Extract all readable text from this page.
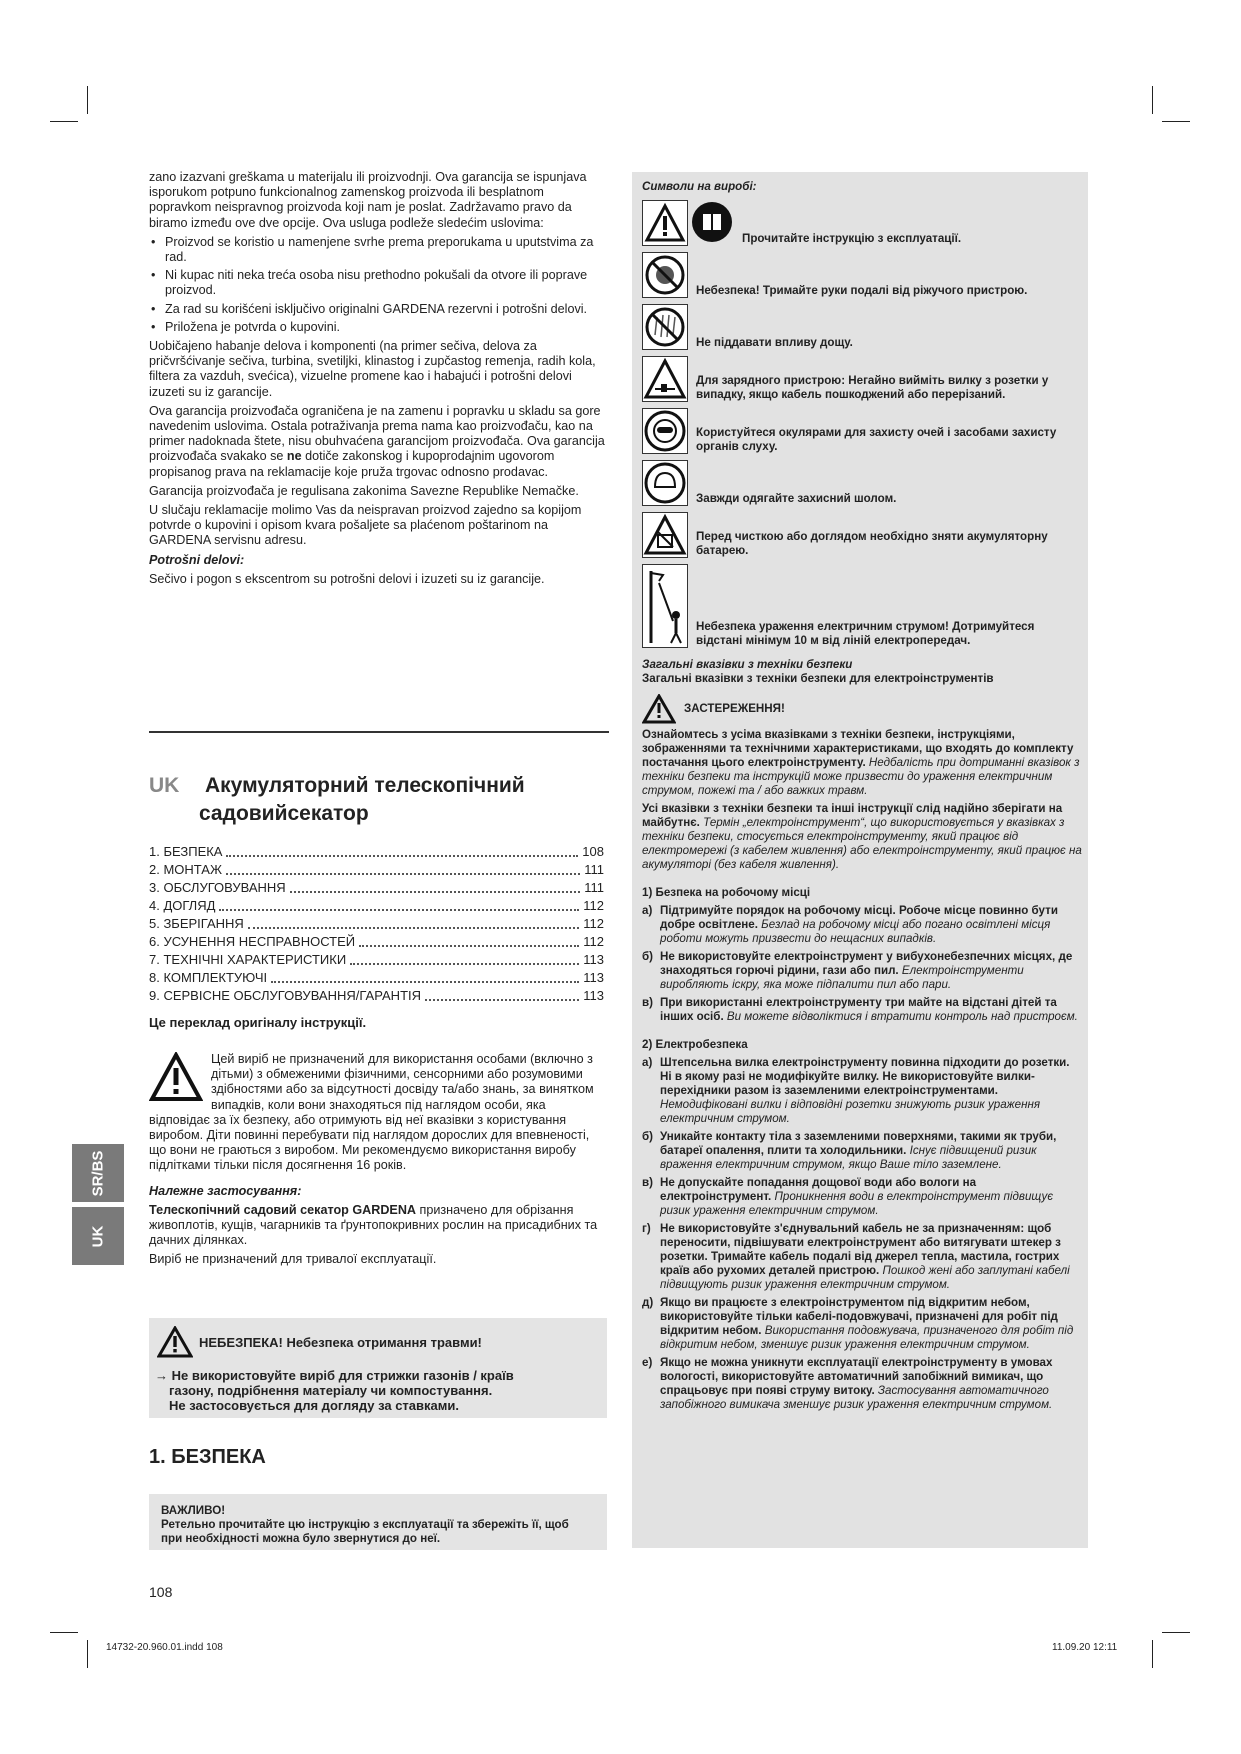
zano izazvani greškama u materijalu ili proizvodnji. Ova garancija se ispunjava isporukom potpuno funkcionalnog zamenskog proizvoda ili besplatnom popravkom neispravnog proizvoda koji nam je poslat. Zadržavamo pravo da biramo između ove dve opcije. Ova usluga podleže sledećim uslovima:

• Proizvod se koristio u namenjene svrhe prema preporukama u uputstvima za rad.
• Ni kupac niti neka treća osoba nisu prethodno pokušali da otvore ili poprave proizvod.
• Za rad su korišćeni isključivo originalni GARDENA rezervni i potrošni delovi.
• Priložena je potvrda o kupovini.

Uobičajeno habanje delova i komponenti (na primer sečiva, delova za pričvršćivanje sečiva, turbina, svetiljki, klinastog i zupčastog remenja, radih kola, filtera za vazduh, svećica), vizuelne promene kao i habajući i potrošni delovi izuzeti su iz garancije.

Ova garancija proizvođača ograničena je na zamenu i popravku u skladu sa gore navedenim uslovima. Ostala potraživanja prema nama kao proizvođaču, kao na primer nadoknada štete, nisu obuhvaćena garancijom proizvođača. Ova garancija proizvođača svakako se ne dotiče zakonskog i kupoprodajnim ugovorom propisanog prava na reklamacije koje pruža trgovac odnosno prodavac.

Garancija proizvođača je regulisana zakonima Savezne Republike Nemačke.

U slučaju reklamacije molimo Vas da neispravan proizvod zajedno sa kopijom potvrde o kupovini i opisom kvara pošaljete sa plaćenom poštarinom na GARDENA servisnu adresu.

Potrošni delovi:

Sečivo i pogon s ekscentrom su potrošni delovi i izuzeti su iz garancije.

UK Акумуляторний телескопічний
садовийсекатор
1. БЕЗПЕКА	108
2. МОНТАЖ	111
3. ОБСЛУГОВУВАННЯ	111
4. ДОГЛЯД	112
5. ЗБЕРІГАННЯ	112
6. УСУНЕННЯ НЕСПРАВНОСТЕЙ	112
7. ТЕХНІЧНІ ХАРАКТЕРИСТИКИ	113
8. КОМПЛЕКТУЮЧІ	113
9. СЕРВІСНЕ ОБСЛУГОВУВАННЯ/ГАРАНТІЯ	113
Це переклад оригіналу інструкції.

Цей виріб не призначений для використання особами (включно з дітьми) з обмеженими фізичними, сенсорними або розумовими здібностями або за відсутності досвіду та/або знань, за винятком випадків, коли вони знаходяться під наглядом особи, яка відповідає за їх безпеку, або отримують від неї вказівки з користування виробом. Діти повинні перебувати під наглядом дорослих для впевненості, що вони не граються з виробом. Ми рекомендуємо використання виробу підлітками тільки після досягнення 16 років.

Належне застосування:

Телескопічний садовий секатор GARDENA призначено для обрізання живоплотів, кущів, чагарників та ґрунтопокривних рослин на присадибних та дачних ділянках.

Виріб не призначений для тривалої експлуатації.

НЕБЕЗПЕКА! Небезпека отримання травми!
→ Не використовуйте виріб для стрижки газонів / країв
газону, подрібнення матеріалу чи компостування.
Не застосовується для догляду за ставками.
1. БЕЗПЕКА
ВАЖЛИВО!
Ретельно прочитайте цю інструкцію з експлуатації та збережіть її, щоб при необхідності можна було звернутися до неї.
SR/BS
UK
Символи на виробі:
Прочитайте інструкцію з експлуатації.
Небезпека! Тримайте руки подалі від ріжучого пристрою.
Не піддавати впливу дощу.
Для зарядного пристрою: Негайно вийміть вилку з розетки у випадку, якщо кабель пошкоджений або перерізаний.
Користуйтеся окулярами для захисту очей і засобами захисту органів слуху.
Завжди одягайте захисний шолом.
Перед чисткою або доглядом необхідно зняти акумуляторну батарею.
Небезпека ураження електричним струмом! Дотримуйтеся відстані мінімум 10 м від ліній електропередач.
Загальні вказівки з техніки безпеки
Загальні вказівки з техніки безпеки для електроінструментів
ЗАСТЕРЕЖЕННЯ!
Ознайомтесь з усіма вказівками з техніки безпеки, інструкціями, зображеннями та технічними характеристиками, що входять до комплекту постачання цього електроінструменту. Недбалість при дотриманні вказівок з техніки безпеки та інструкцій може призвести до ураження електричним струмом, пожежі та / або важких травм.
Усі вказівки з техніки безпеки та інші інструкції слід надійно зберігати на майбутнє. Термін „електроінструмент“, що використовується у вказівках з техніки безпеки, стосується електроінструменту, який працює від електромережі (з кабелем живлення) або електроінструменту, який працює на акумуляторі (без кабеля живлення).
1) Безпека на робочому місці
а) Підтримуйте порядок на робочому місці. Робоче місце повинно бути добре освітлене. Безлад на робочому місці або погано освітлені місця роботи можуть призвести до нещасних випадків.
б) Не використовуйте електроінструмент у вибухонебезпечних місцях, де знаходяться горючі рідини, гази або пил. Електроінструменти виробляють іскру, яка може підпалити пил або пари.
в) При використанні електроінструменту три майте на відстані дітей та інших осіб. Ви можете відволіктися і втратити контроль над пристроєм.
2) Електробезпека
а) Штепсельна вилка електроінструменту повинна підходити до розетки. Ні в якому разі не модифікуйте вилку. Не використовуйте вилки-перехідники разом із заземленими електроінструментами. Немодифіковані вилки і відповідні розетки знижують ризик ураження електричним струмом.
б) Уникайте контакту тіла з заземленими поверхнями, такими як труби, батареї опалення, плити та холодильники. Існує підвищений ризик враження електричним струмом, якщо Ваше тіло заземлене.
в) Не допускайте попадання дощової води або вологи на електроінструмент. Проникнення води в електроінструмент підвищує ризик ураження електричним струмом.
г) Не використовуйте з'єднувальний кабель не за призначенням: щоб переносити, підвішувати електроінструмент або витягувати штекер з розетки. Тримайте кабель подалі від джерел тепла, мастила, гострих країв або рухомих деталей пристрою. Пошкод жені або заплутані кабелі підвищують ризик ураження електричним струмом.
д) Якщо ви працюєте з електроінструментом під відкритим небом, використовуйте тільки кабелі-подовжувачі, призначені для робіт під відкритим небом. Використання подовжувача, призначеного для робіт під відкритим небом, зменшує ризик ураження електричним струмом.
е) Якщо не можна уникнути експлуатації електроінструменту в умовах вологості, використовуйте автоматичний запобіжний вимикач, що спрацьовує при появі струму витоку. Застосування автоматичного запобіжного вимикача зменшує ризик ураження електричним струмом.
108
14732-20.960.01.indd 108	11.09.20 12:11
